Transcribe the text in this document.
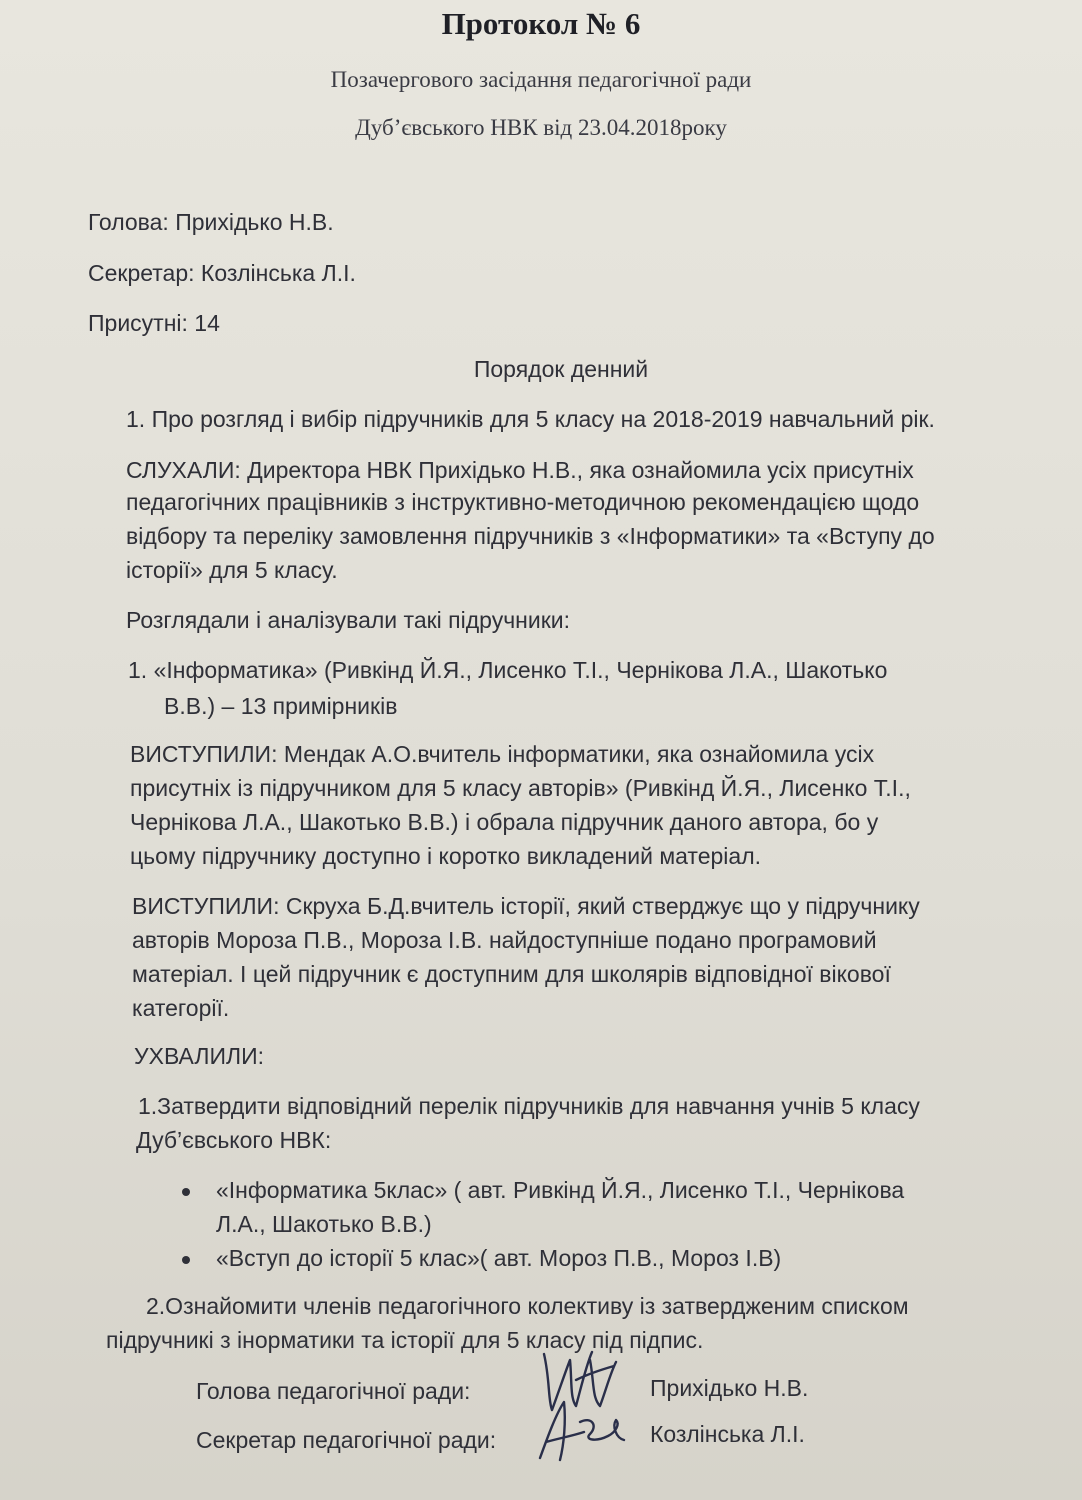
Протокол № 6
Позачергового засідання педагогічної ради
Дуб’євського НВК від 23.04.2018року
Голова: Прихідько Н.В.
Секретар: Козлінська Л.І.
Присутні: 14
Порядок денний
1. Про розгляд і вибір підручників для 5 класу на 2018-2019 навчальний рік.
СЛУХАЛИ: Директора НВК Прихідько Н.В., яка ознайомила усіх присутніх
педагогічних працівників з інструктивно-методичною рекомендацією щодо
відбору та переліку замовлення підручників з «Інформатики» та «Вступу до
історії» для 5 класу.
Розглядали і аналізували такі підручники:
1. «Інформатика» (Ривкінд Й.Я., Лисенко Т.І., Чернікова Л.А., Шакотько
В.В.) – 13 примірників
ВИСТУПИЛИ: Мендак А.О.вчитель інформатики, яка ознайомила усіх
присутніх із підручником для 5 класу авторів» (Ривкінд Й.Я., Лисенко Т.І.,
Чернікова Л.А., Шакотько В.В.) і обрала підручник даного автора, бо у
цьому підручнику доступно і коротко викладений матеріал.
ВИСТУПИЛИ: Скруха Б.Д.вчитель історії, який стверджує що у підручнику
авторів Мороза П.В., Мороза І.В. найдоступніше подано програмовий
матеріал. І цей підручник є доступним для школярів відповідної вікової
категорії.
УХВАЛИЛИ:
1.Затвердити відповідний перелік підручників для навчання учнів 5 класу
Дуб’євського НВК:
«Інформатика 5клас» ( авт. Ривкінд Й.Я., Лисенко Т.І., Чернікова
Л.А., Шакотько В.В.)
«Вступ до історії 5 клас»( авт. Мороз П.В., Мороз І.В)
2.Ознайомити членів педагогічного колективу із затвердженим списком
підручникі з інорматики та історії для 5 класу під підпис.
Голова педагогічної ради:	Прихідько Н.В.
Секретар педагогічної ради:	Козлінська Л.І.
